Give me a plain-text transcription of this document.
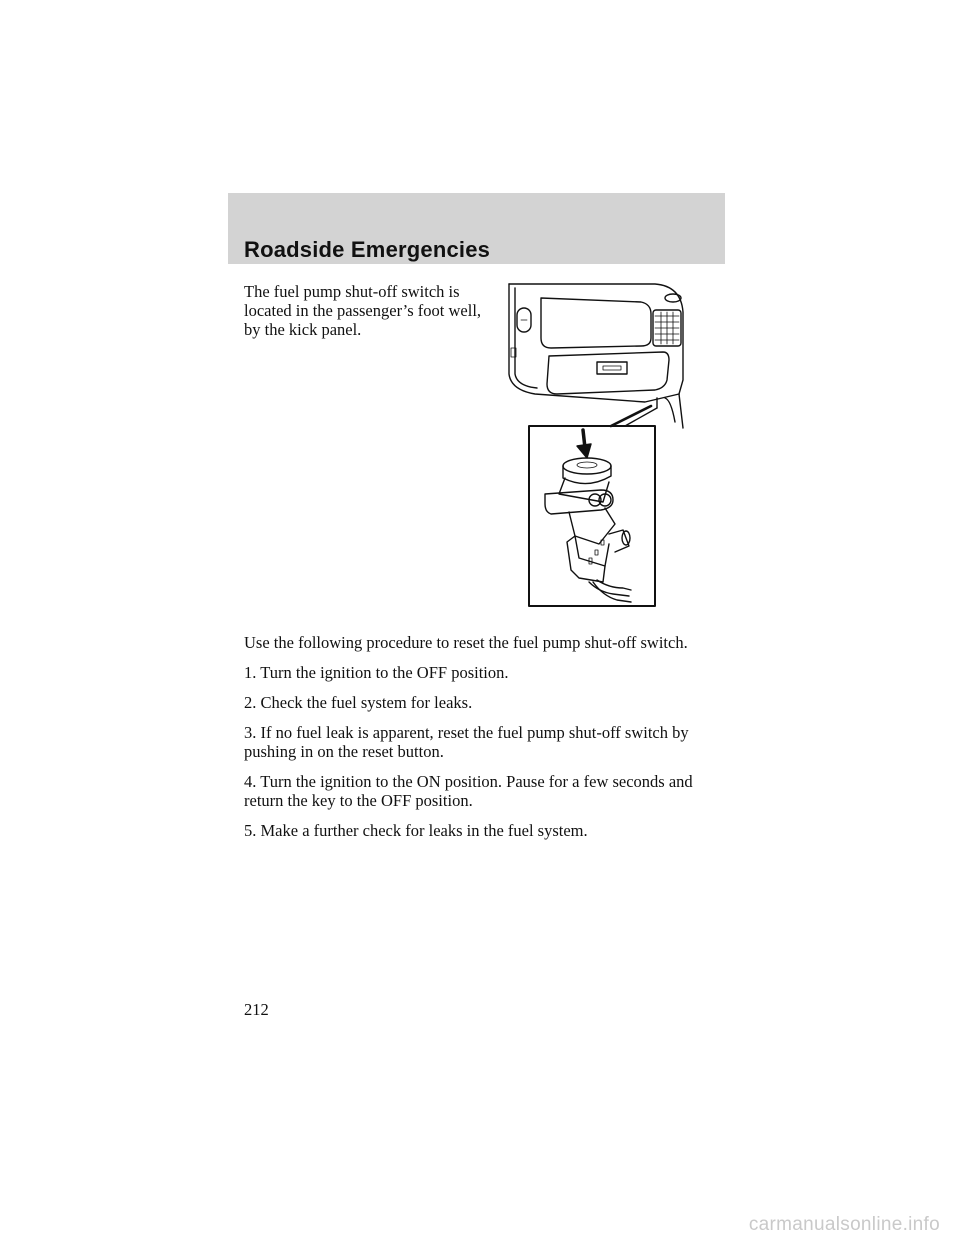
Roadside Emergencies

The fuel pump shut-off switch is located in the passenger’s foot well, by the kick panel.

Use the following procedure to reset the fuel pump shut-off switch.

1. Turn the ignition to the OFF position.

2. Check the fuel system for leaks.

3. If no fuel leak is apparent, reset the fuel pump shut-off switch by pushing in on the reset button.

4. Turn the ignition to the ON position. Pause for a few seconds and return the key to the OFF position.

5. Make a further check for leaks in the fuel system.

212
carmanualsonline.info
